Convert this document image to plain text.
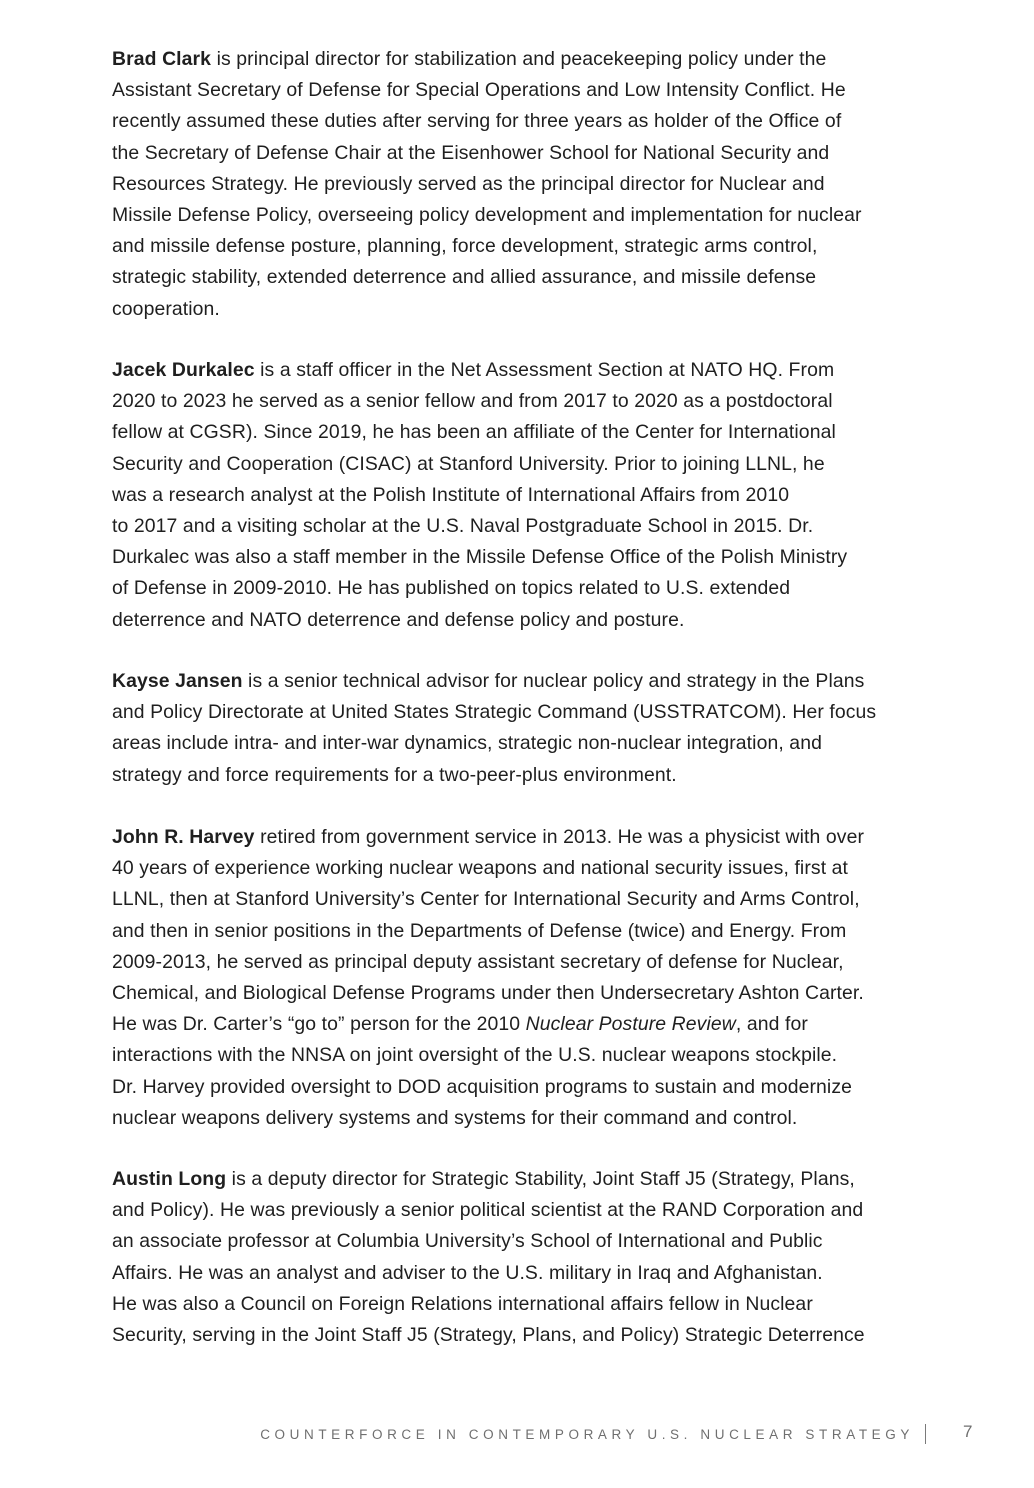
Brad Clark is principal director for stabilization and peacekeeping policy under the
Assistant Secretary of Defense for Special Operations and Low Intensity Conflict. He
recently assumed these duties after serving for three years as holder of the Office of
the Secretary of Defense Chair at the Eisenhower School for National Security and
Resources Strategy. He previously served as the principal director for Nuclear and
Missile Defense Policy, overseeing policy development and implementation for nuclear
and missile defense posture, planning, force development, strategic arms control,
strategic stability, extended deterrence and allied assurance, and missile defense
cooperation.
Jacek Durkalec is a staff officer in the Net Assessment Section at NATO HQ. From
2020 to 2023 he served as a senior fellow and from 2017 to 2020 as a postdoctoral
fellow at CGSR). Since 2019, he has been an affiliate of the Center for International
Security and Cooperation (CISAC) at Stanford University. Prior to joining LLNL, he
was a research analyst at the Polish Institute of International Affairs from 2010
to 2017 and a visiting scholar at the U.S. Naval Postgraduate School in 2015. Dr.
Durkalec was also a staff member in the Missile Defense Office of the Polish Ministry
of Defense in 2009-2010. He has published on topics related to U.S. extended
deterrence and NATO deterrence and defense policy and posture.
Kayse Jansen is a senior technical advisor for nuclear policy and strategy in the Plans
and Policy Directorate at United States Strategic Command (USSTRATCOM). Her focus
areas include intra- and inter-war dynamics, strategic non-nuclear integration, and
strategy and force requirements for a two-peer-plus environment.
John R. Harvey retired from government service in 2013. He was a physicist with over
40 years of experience working nuclear weapons and national security issues, first at
LLNL, then at Stanford University’s Center for International Security and Arms Control,
and then in senior positions in the Departments of Defense (twice) and Energy. From
2009-2013, he served as principal deputy assistant secretary of defense for Nuclear,
Chemical, and Biological Defense Programs under then Undersecretary Ashton Carter.
He was Dr. Carter’s “go to” person for the 2010 Nuclear Posture Review, and for
interactions with the NNSA on joint oversight of the U.S. nuclear weapons stockpile.
Dr. Harvey provided oversight to DOD acquisition programs to sustain and modernize
nuclear weapons delivery systems and systems for their command and control.
Austin Long is a deputy director for Strategic Stability, Joint Staff J5 (Strategy, Plans,
and Policy). He was previously a senior political scientist at the RAND Corporation and
an associate professor at Columbia University’s School of International and Public
Affairs. He was an analyst and adviser to the U.S. military in Iraq and Afghanistan.
He was also a Council on Foreign Relations international affairs fellow in Nuclear
Security, serving in the Joint Staff J5 (Strategy, Plans, and Policy) Strategic Deterrence
COUNTERFORCE IN CONTEMPORARY U.S. NUCLEAR STRATEGY	7
